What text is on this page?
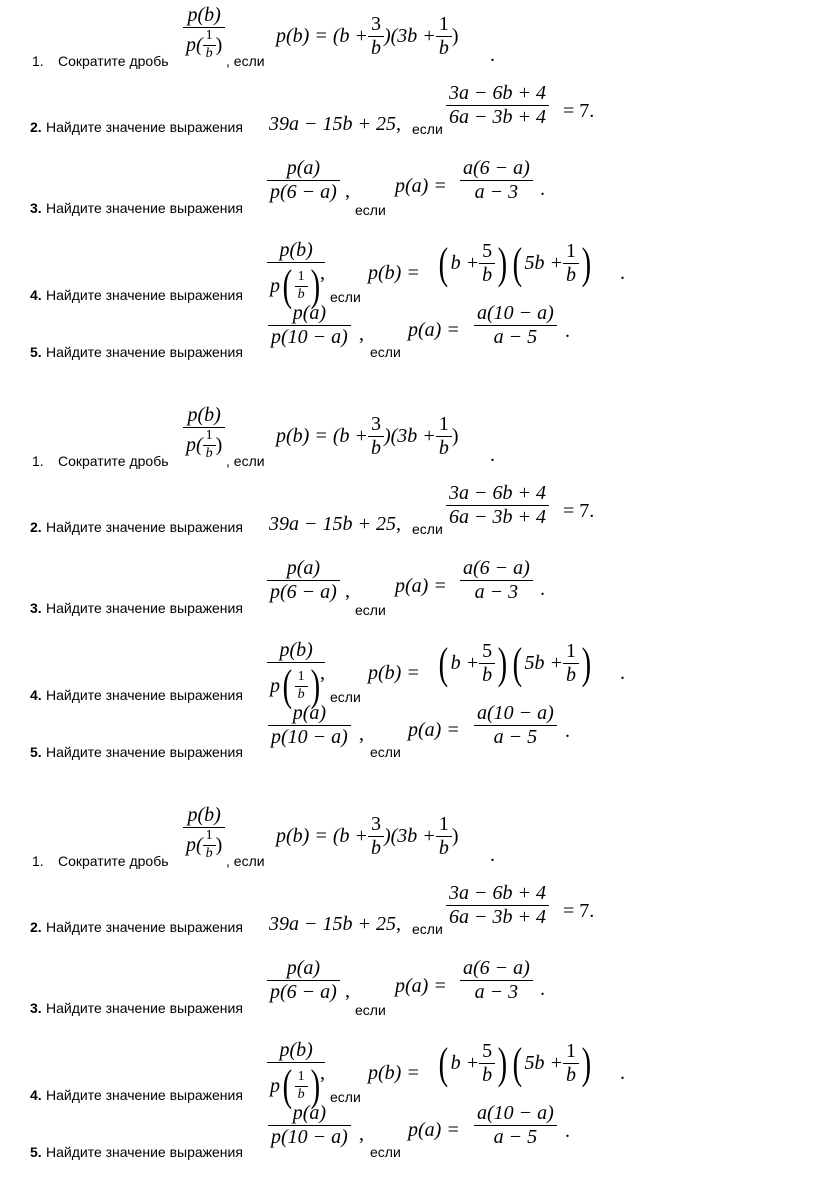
1. Сократите дробь
p(b)
$p( \frac{1}{b}$ )
, если
$p(b) = (b + \frac{3}{b} )(3b + \frac{1}{b}$ )
.
2. Найдите значение выражения 39a − 15b + 25, если
3a − 6b + 4
6a − 3b + 4 = 7.
3. Найдите значение выражения
p(a)
p(6 − a) ,
если
p(a) =
a(6 − a)
a − 3 .
4. Найдите значение выражения
p(b)
p ( $\frac{1}{b}$ ) ,
если
p(b) = ( $b + \frac{5}{b}$ ) ( $5b + \frac{1}{b}$ ) .
5. Найдите значение выражения
p(a)
p(10 − a) ,
если
p(a) =
a(10 − a)
a − 5 .
1. Сократите дробь
p(b)
$p( \frac{1}{b}$ )
, если
$p(b) = (b + \frac{3}{b} )(3b + \frac{1}{b}$ )
.
2. Найдите значение выражения 39a − 15b + 25, если
3a − 6b + 4
6a − 3b + 4 = 7.
3. Найдите значение выражения
p(a)
p(6 − a) ,
если
p(a) =
a(6 − a)
a − 3 .
4. Найдите значение выражения
p(b)
p ( $\frac{1}{b}$ ) ,
если
p(b) = ( $b + \frac{5}{b}$ ) ( $5b + \frac{1}{b}$ ) .
5. Найдите значение выражения
p(a)
p(10 − a) ,
если
p(a) =
a(10 − a)
a − 5 .
1. Сократите дробь
p(b)
$p( \frac{1}{b}$ )
, если
$p(b) = (b + \frac{3}{b} )(3b + \frac{1}{b}$ )
.
2. Найдите значение выражения 39a − 15b + 25, если
3a − 6b + 4
6a − 3b + 4 = 7.
3. Найдите значение выражения
p(a)
p(6 − a) ,
если
p(a) =
a(6 − a)
a − 3 .
4. Найдите значение выражения
p(b)
p ( $\frac{1}{b}$ ) ,
если
p(b) = ( $b + \frac{5}{b}$ ) ( $5b + \frac{1}{b}$ ) .
5. Найдите значение выражения
p(a)
p(10 − a) ,
если
p(a) =
a(10 − a)
a − 5 .
